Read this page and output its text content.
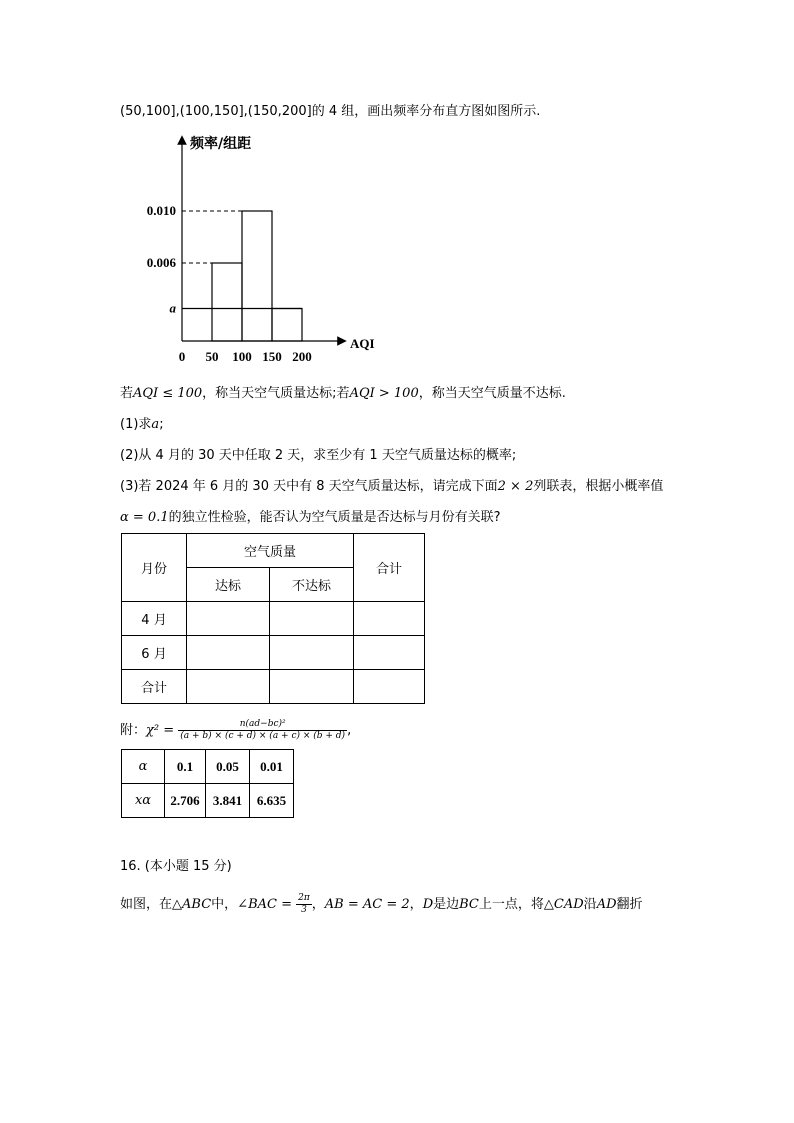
(50,100],(100,150],(150,200]的 4 组，画出频率分布直方图如图所示.
a
0.006
0.010
0 50 100 150 200
AQI
频率/组距
若AQI ≤ 100，称当天空气质量达标;若AQI > 100，称当天空气质量不达标.
(1)求a;
(2)从 4 月的 30 天中任取 2 天，求至少有 1 天空气质量达标的概率;
(3)若 2024 年 6 月的 30 天中有 8 天空气质量达标，请完成下面2 × 2列联表，根据小概率值
α = 0.1的独立性检验，能否认为空气质量是否达标与月份有关联?
月份	空气质量		合计
	达标	不达标	
4 月			
6 月			
合计			
附：$\chi^2 = \frac{\text{n(ad−bc)²}}{(a + b) \times (c + d) \times (a + c) \times (b + d)}$ ,
α	0.1	0.05	0.01
xα	2.706	3.841	6.635
16. (本小题 15 分)
如图，在△ABC中，∠BAC = $\frac{2\pi}{3}$ ，AB = AC = 2，D是边BC上一点，将△CAD沿AD翻折
